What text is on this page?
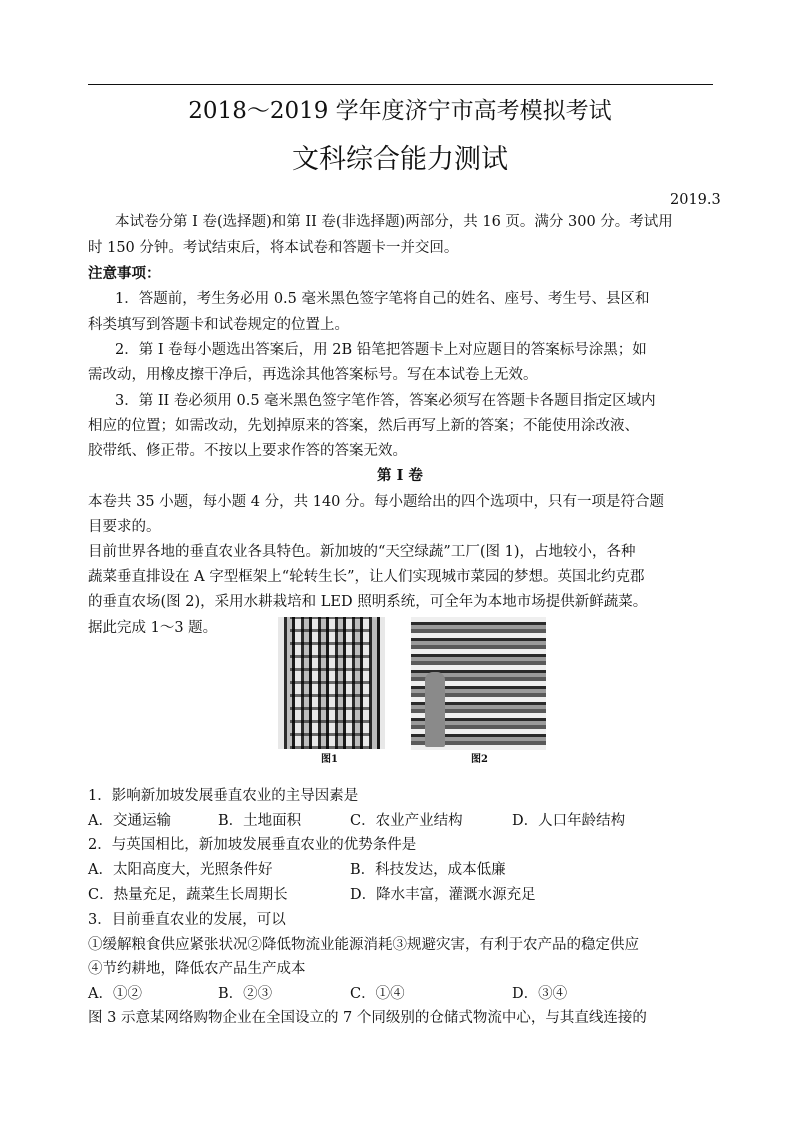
2018～2019 学年度济宁市高考模拟考试
文科综合能力测试
2019.3
本试卷分第 I 卷(选择题)和第 II 卷(非选择题)两部分，共 16 页。满分 300 分。考试用
时 150 分钟。考试结束后，将本试卷和答题卡一并交回。
注意事项：
1．答题前，考生务必用 0.5 毫米黑色签字笔将自己的姓名、座号、考生号、县区和
科类填写到答题卡和试卷规定的位置上。
2．第 I 卷每小题选出答案后，用 2B 铅笔把答题卡上对应题目的答案标号涂黑；如
需改动，用橡皮擦干净后，再选涂其他答案标号。写在本试卷上无效。
3．第 II 卷必须用 0.5 毫米黑色签字笔作答，答案必须写在答题卡各题目指定区域内
相应的位置；如需改动，先划掉原来的答案，然后再写上新的答案；不能使用涂改液、
胶带纸、修正带。不按以上要求作答的答案无效。
第 I 卷
本卷共 35 小题，每小题 4 分，共 140 分。每小题给出的四个选项中，只有一项是符合题
目要求的。
目前世界各地的垂直农业各具特色。新加坡的“天空绿蔬”工厂(图 1)，占地较小，各种
蔬菜垂直排设在 A 字型框架上“轮转生长”，让人们实现城市菜园的梦想。英国北约克郡
的垂直农场(图 2)，采用水耕栽培和 LED 照明系统，可全年为本地市场提供新鲜蔬菜。
据此完成 1～3 题。
图1	图2
1．影响新加坡发展垂直农业的主导因素是
A．交通运输	B．土地面积	C．农业产业结构	D．人口年龄结构
2．与英国相比，新加坡发展垂直农业的优势条件是
A．太阳高度大，光照条件好	B．科技发达，成本低廉
C．热量充足，蔬菜生长周期长	D．降水丰富，灌溉水源充足
3．目前垂直农业的发展，可以
①缓解粮食供应紧张状况②降低物流业能源消耗③规避灾害，有利于农产品的稳定供应
④节约耕地，降低农产品生产成本
A．①②	B．②③	C．①④	D．③④
图 3 示意某网络购物企业在全国设立的 7 个同级别的仓储式物流中心，与其直线连接的
